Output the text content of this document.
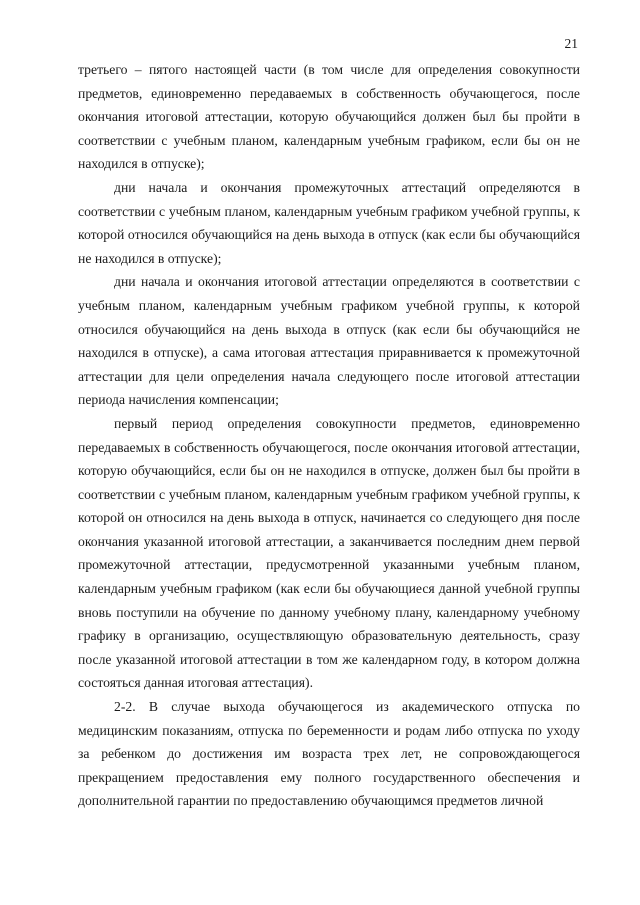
21

третьего – пятого настоящей части (в том числе для определения совокупности предметов, единовременно передаваемых в собственность обучающегося, после окончания итоговой аттестации, которую обучающийся должен был бы пройти в соответствии с учебным планом, календарным учебным графиком, если бы он не находился в отпуске);

дни начала и окончания промежуточных аттестаций определяются в соответствии с учебным планом, календарным учебным графиком учебной группы, к которой относился обучающийся на день выхода в отпуск (как если бы обучающийся не находился в отпуске);

дни начала и окончания итоговой аттестации определяются в соответствии с учебным планом, календарным учебным графиком учебной группы, к которой относился обучающийся на день выхода в отпуск (как если бы обучающийся не находился в отпуске), а сама итоговая аттестация приравнивается к промежуточной аттестации для цели определения начала следующего после итоговой аттестации периода начисления компенсации;

первый период определения совокупности предметов, единовременно передаваемых в собственность обучающегося, после окончания итоговой аттестации, которую обучающийся, если бы он не находился в отпуске, должен был бы пройти в соответствии с учебным планом, календарным учебным графиком учебной группы, к которой он относился на день выхода в отпуск, начинается со следующего дня после окончания указанной итоговой аттестации, а заканчивается последним днем первой промежуточной аттестации, предусмотренной указанными учебным планом, календарным учебным графиком (как если бы обучающиеся данной учебной группы вновь поступили на обучение по данному учебному плану, календарному учебному графику в организацию, осуществляющую образовательную деятельность, сразу после указанной итоговой аттестации в том же календарном году, в котором должна состояться данная итоговая аттестация).

2-2. В случае выхода обучающегося из академического отпуска по медицинским показаниям, отпуска по беременности и родам либо отпуска по уходу за ребенком до достижения им возраста трех лет, не сопровождающегося прекращением предоставления ему полного государственного обеспечения и дополнительной гарантии по предоставлению обучающимся предметов личной
